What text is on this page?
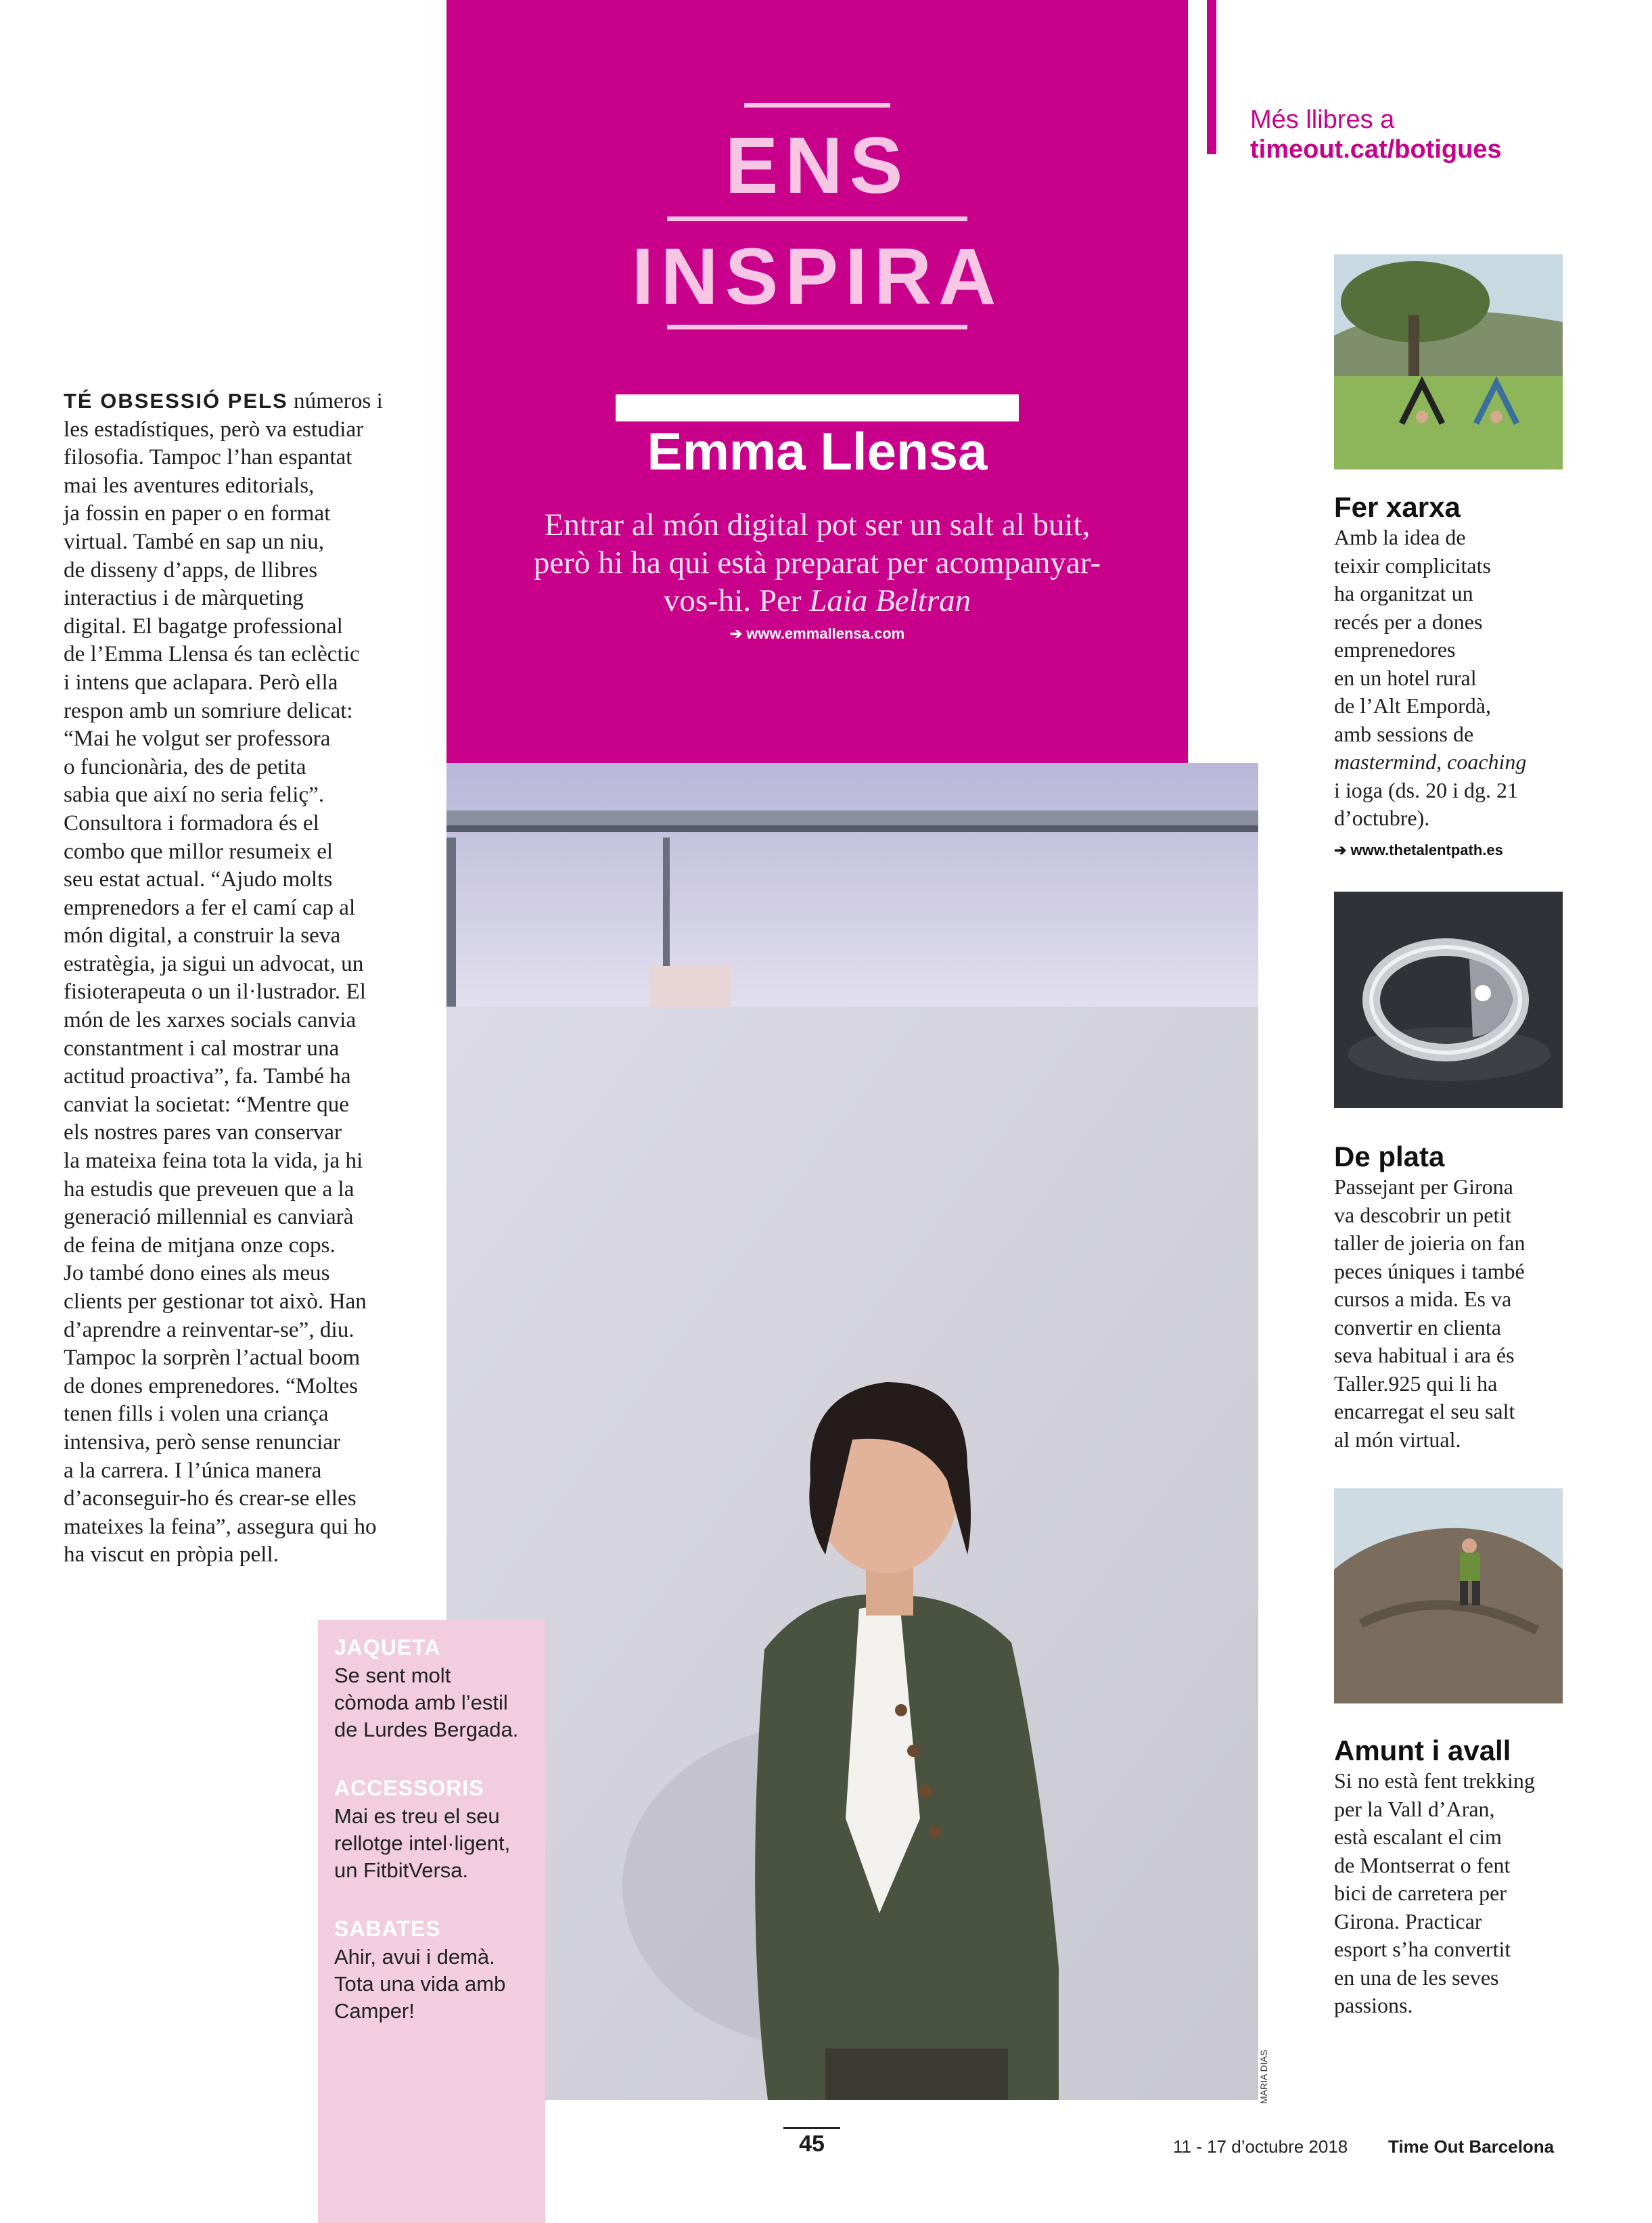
ENS
INSPIRA
Emma Llensa
Entrar al món digital pot ser un salt al buit,
però hi ha qui està preparat per acompanyar-
vos-hi. Per Laia Beltran
➔ www.emmallensa.com
MARIA DIAS
TÉ OBSESSIÓ PELS números i
les estadístiques, però va estudiar
filosofia. Tampoc l’han espantat
mai les aventures editorials,
ja fossin en paper o en format
virtual. També en sap un niu,
de disseny d’apps, de llibres
interactius i de màrqueting
digital. El bagatge professional
de l’Emma Llensa és tan eclèctic
i intens que aclapara. Però ella
respon amb un somriure delicat:
“Mai he volgut ser professora
o funcionària, des de petita
sabia que així no seria feliç”.
Consultora i formadora és el
combo que millor resumeix el
seu estat actual. “Ajudo molts
emprenedors a fer el camí cap al
món digital, a construir la seva
estratègia, ja sigui un advocat, un
fisioterapeuta o un il·lustrador. El
món de les xarxes socials canvia
constantment i cal mostrar una
actitud proactiva”, fa. També ha
canviat la societat: “Mentre que
els nostres pares van conservar
la mateixa feina tota la vida, ja hi
ha estudis que preveuen que a la
generació millennial es canviarà
de feina de mitjana onze cops.
Jo també dono eines als meus
clients per gestionar tot això. Han
d’aprendre a reinventar-se”, diu.
Tampoc la sorprèn l’actual boom
de dones emprenedores. “Moltes
tenen fills i volen una criança
intensiva, però sense renunciar
a la carrera. I l’única manera
d’aconseguir-ho és crear-se elles
mateixes la feina”, assegura qui ho
ha viscut en pròpia pell.
JAQUETA
Se sent molt
còmoda amb l’estil
de Lurdes Bergada.
ACCESSORIS
Mai es treu el seu
rellotge intel·ligent,
un FitbitVersa.
SABATES
Ahir, avui i demà.
Tota una vida amb
Camper!
Més llibres a
timeout.cat/botigues
Fer xarxa
Amb la idea de
teixir complicitats
ha organitzat un
recés per a dones
emprenedores
en un hotel rural
de l’Alt Empordà,
amb sessions de
mastermind, coaching
i ioga (ds. 20 i dg. 21
d’octubre).
➔ www.thetalentpath.es
De plata
Passejant per Girona
va descobrir un petit
taller de joieria on fan
peces úniques i també
cursos a mida. Es va
convertir en clienta
seva habitual i ara és
Taller.925 qui li ha
encarregat el seu salt
al món virtual.
Amunt i avall
Si no està fent trekking
per la Vall d’Aran,
està escalant el cim
de Montserrat o fent
bici de carretera per
Girona. Practicar
esport s’ha convertit
en una de les seves
passions.
45	11 - 17 d’octubre 2018 Time Out Barcelona
